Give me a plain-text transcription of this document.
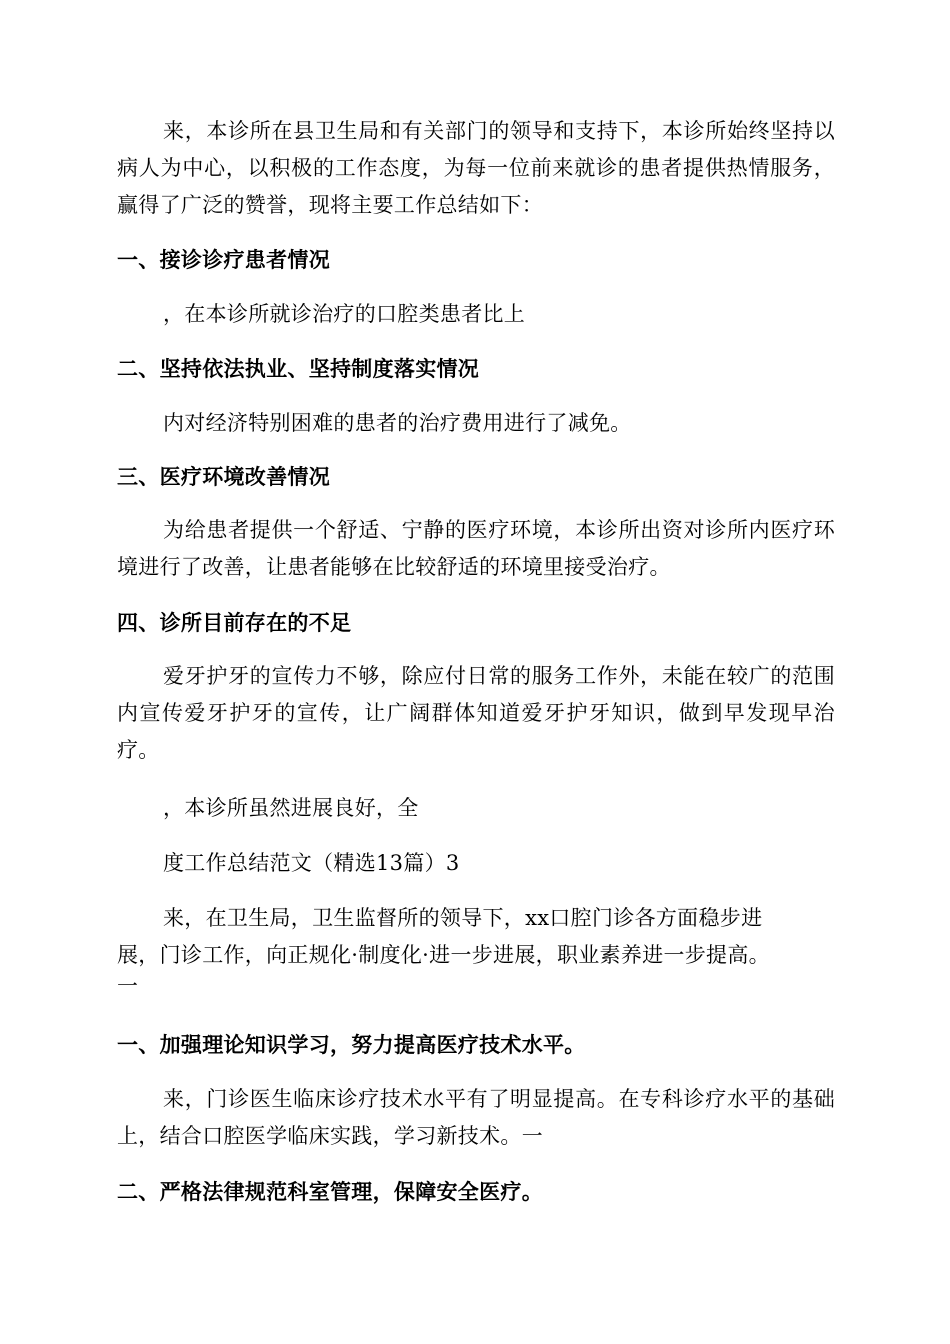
来，本诊所在县卫生局和有关部门的领导和支持下，本诊所始终坚持以病人为中心，以积极的工作态度，为每一位前来就诊的患者提供热情服务，赢得了广泛的赞誉，现将主要工作总结如下：

一、接诊诊疗患者情况

，在本诊所就诊治疗的口腔类患者比上

二、坚持依法执业、坚持制度落实情况

内对经济特别困难的患者的治疗费用进行了减免。

三、医疗环境改善情况

为给患者提供一个舒适、宁静的医疗环境，本诊所出资对诊所内医疗环境进行了改善，让患者能够在比较舒适的环境里接受治疗。

四、诊所目前存在的不足

爱牙护牙的宣传力不够，除应付日常的服务工作外，未能在较广的范围内宣传爱牙护牙的宣传，让广阔群体知道爱牙护牙知识，做到早发现早治疗。

，本诊所虽然进展良好，全

度工作总结范文（精选13篇）3

来，在卫生局，卫生监督所的领导下，xx口腔门诊各方面稳步进

展，门诊工作，向正规化·制度化·进一步进展，职业素养进一步提高。

一

一、加强理论知识学习，努力提高医疗技术水平。

来，门诊医生临床诊疗技术水平有了明显提高。在专科诊疗水平的基础上，结合口腔医学临床实践，学习新技术。一

二、严格法律规范科室管理，保障安全医疗。
